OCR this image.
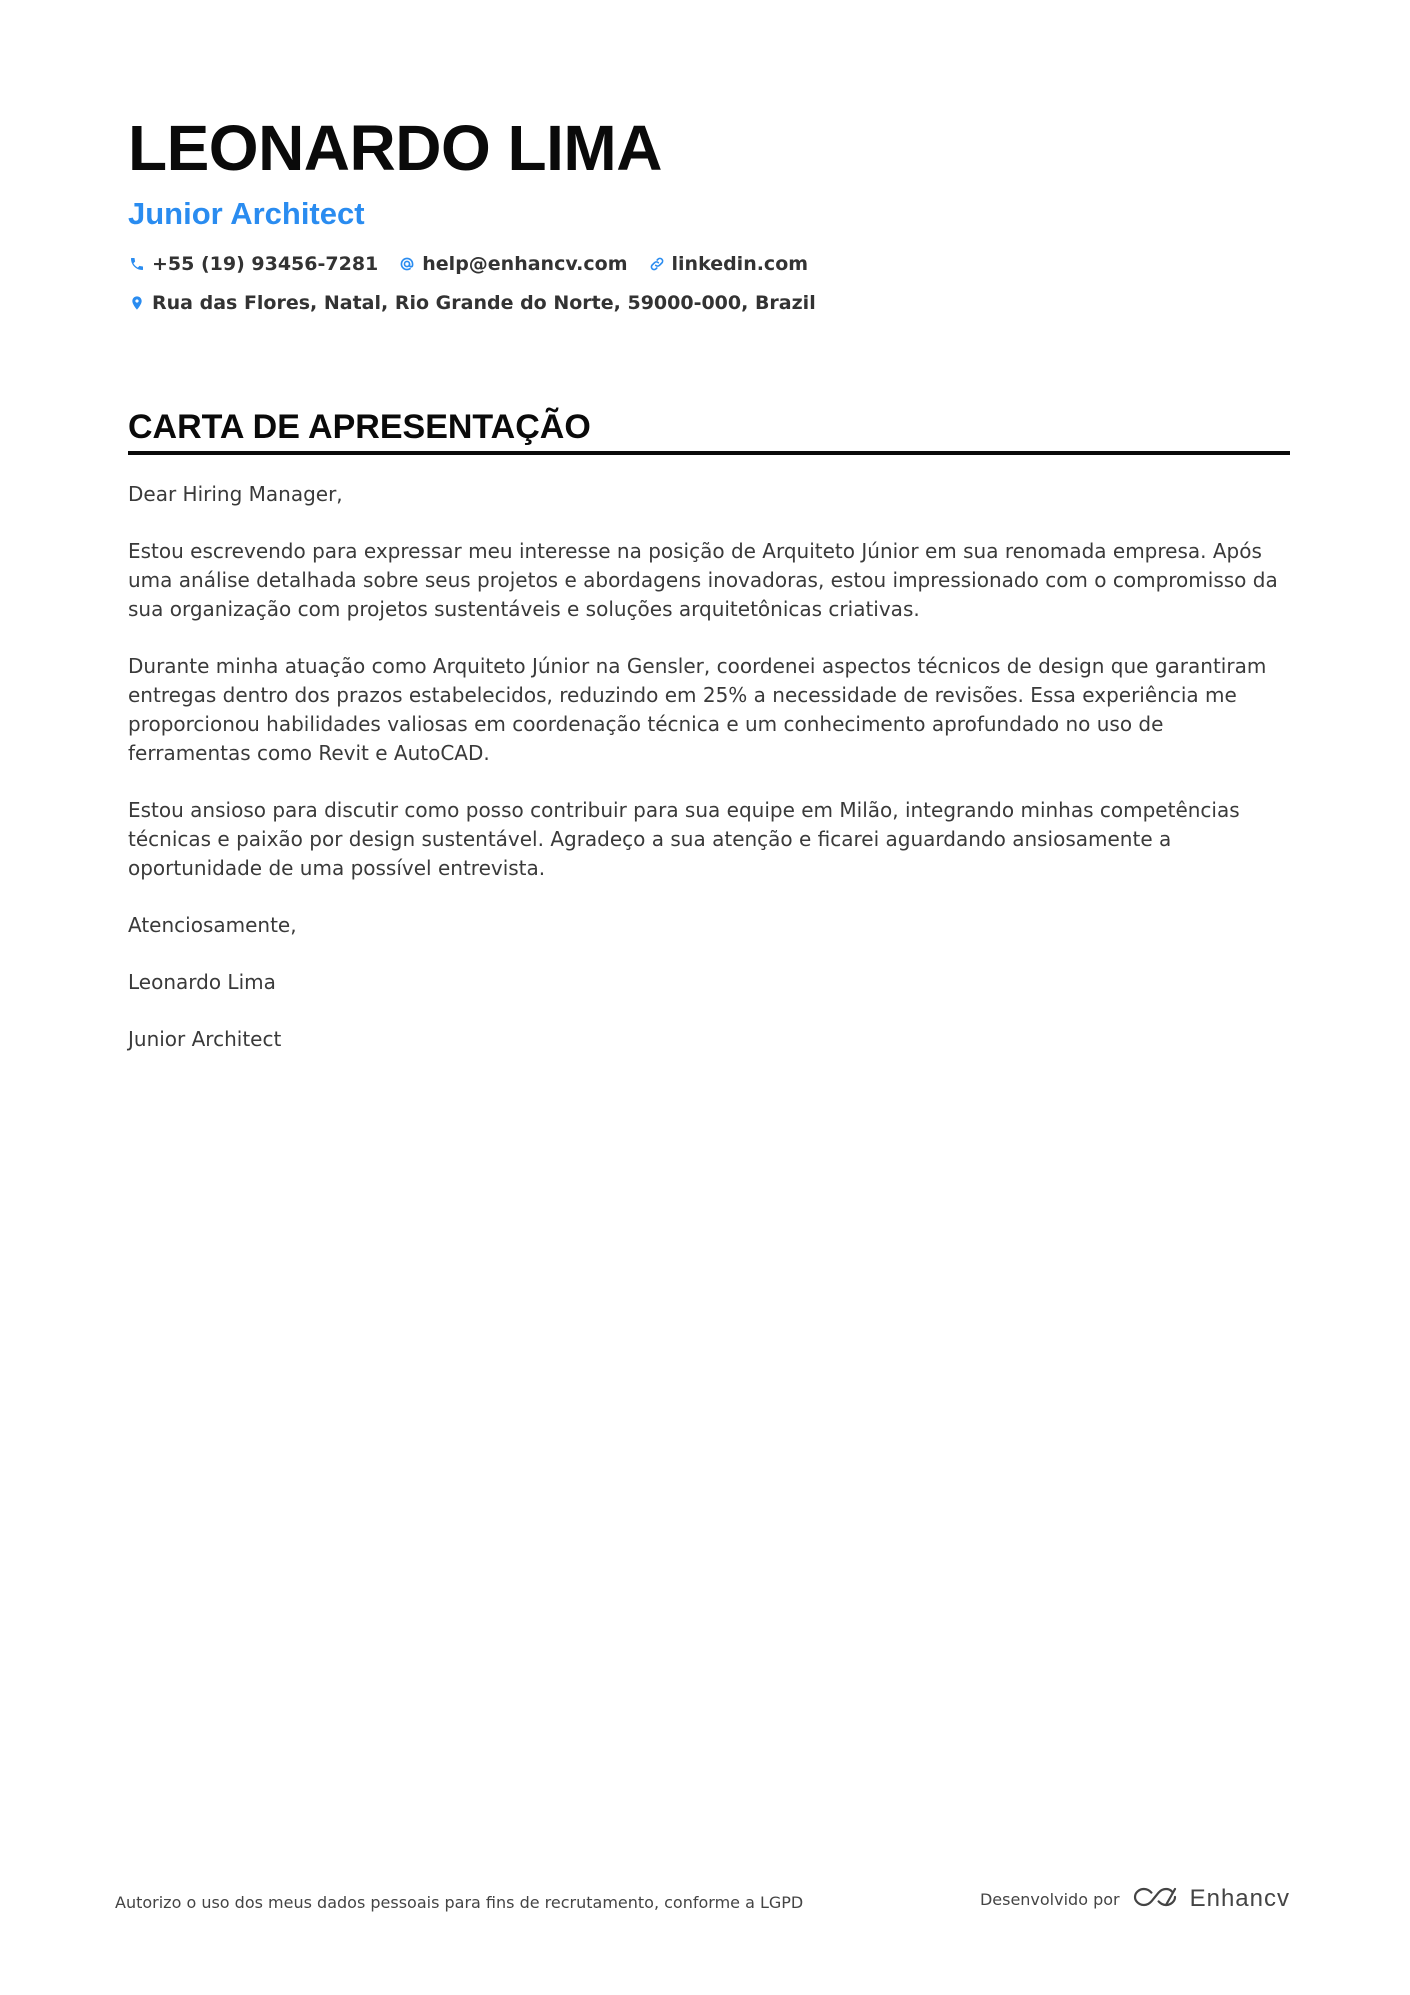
LEONARDO LIMA
Junior Architect
+55 (19) 93456-7281 help@enhancv.com linkedin.com
Rua das Flores, Natal, Rio Grande do Norte, 59000-000, Brazil
CARTA DE APRESENTAÇÃO

Dear Hiring Manager,

Estou escrevendo para expressar meu interesse na posição de Arquiteto Júnior em sua renomada empresa. Após uma análise detalhada sobre seus projetos e abordagens inovadoras, estou impressionado com o compromisso da sua organização com projetos sustentáveis e soluções arquitetônicas criativas.

Durante minha atuação como Arquiteto Júnior na Gensler, coordenei aspectos técnicos de design que garantiram entregas dentro dos prazos estabelecidos, reduzindo em 25% a necessidade de revisões. Essa experiência me proporcionou habilidades valiosas em coordenação técnica e um conhecimento aprofundado no uso de ferramentas como Revit e AutoCAD.

Estou ansioso para discutir como posso contribuir para sua equipe em Milão, integrando minhas competências técnicas e paixão por design sustentável. Agradeço a sua atenção e ficarei aguardando ansiosamente a oportunidade de uma possível entrevista.

Atenciosamente,

Leonardo Lima

Junior Architect

Autorizo o uso dos meus dados pessoais para fins de recrutamento, conforme a LGPD	Desenvolvido por	Enhancv
